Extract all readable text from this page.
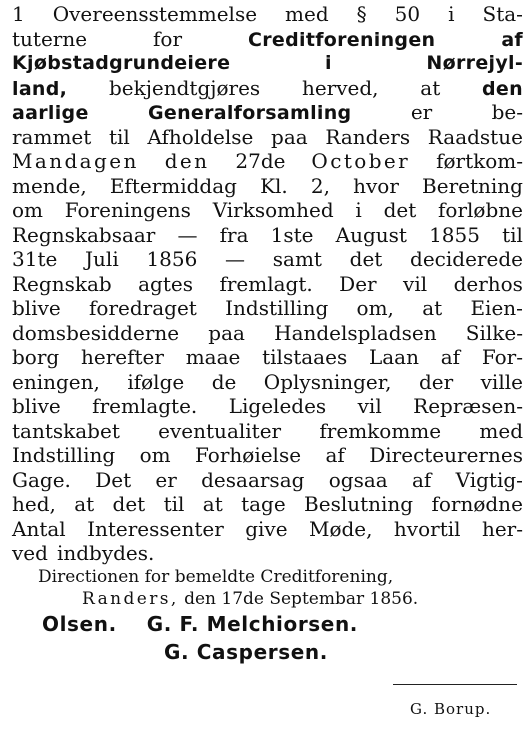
1 Overeensstemmelse med § 50 i Sta-
tuterne	for	Creditforeningen	af
Kjøbstadgrundeiere	i	Nørrejyl-
land, bekjendtgjøres herved, at den
aarlige	Generalforsamling	er	be-
rammet til Afholdelse paa Randers Raadstue
Mandagen den 27de October førtkom-
mende, Eftermiddag Kl. 2, hvor Beretning
om Foreningens Virksomhed i det forløbne
Regnskabsaar — fra 1ste August 1855 til
31te Juli 1856 — samt det deciderede
Regnskab agtes fremlagt. Der vil derhos
blive foredraget Indstilling om, at Eien-
domsbesidderne paa Handelspladsen Silke-
borg herefter maae tilstaaes Laan af For-
eningen, ifølge de Oplysninger, der ville
blive fremlagte. Ligeledes vil Repræsen-
tantskabet eventualiter fremkomme med
Indstilling om Forhøielse af Directeurernes
Gage. Det er desaarsag ogsaa af Vigtig-
hed, at det til at tage Beslutning fornødne
Antal Interessenter give Møde, hvortil her-
ved indbydes.
Directionen for bemeldte Creditforening,
Randers, den 17de Septembar 1856.
Olsen. G. F. Melchiorsen.
G. Caspersen.
G. Borup.
